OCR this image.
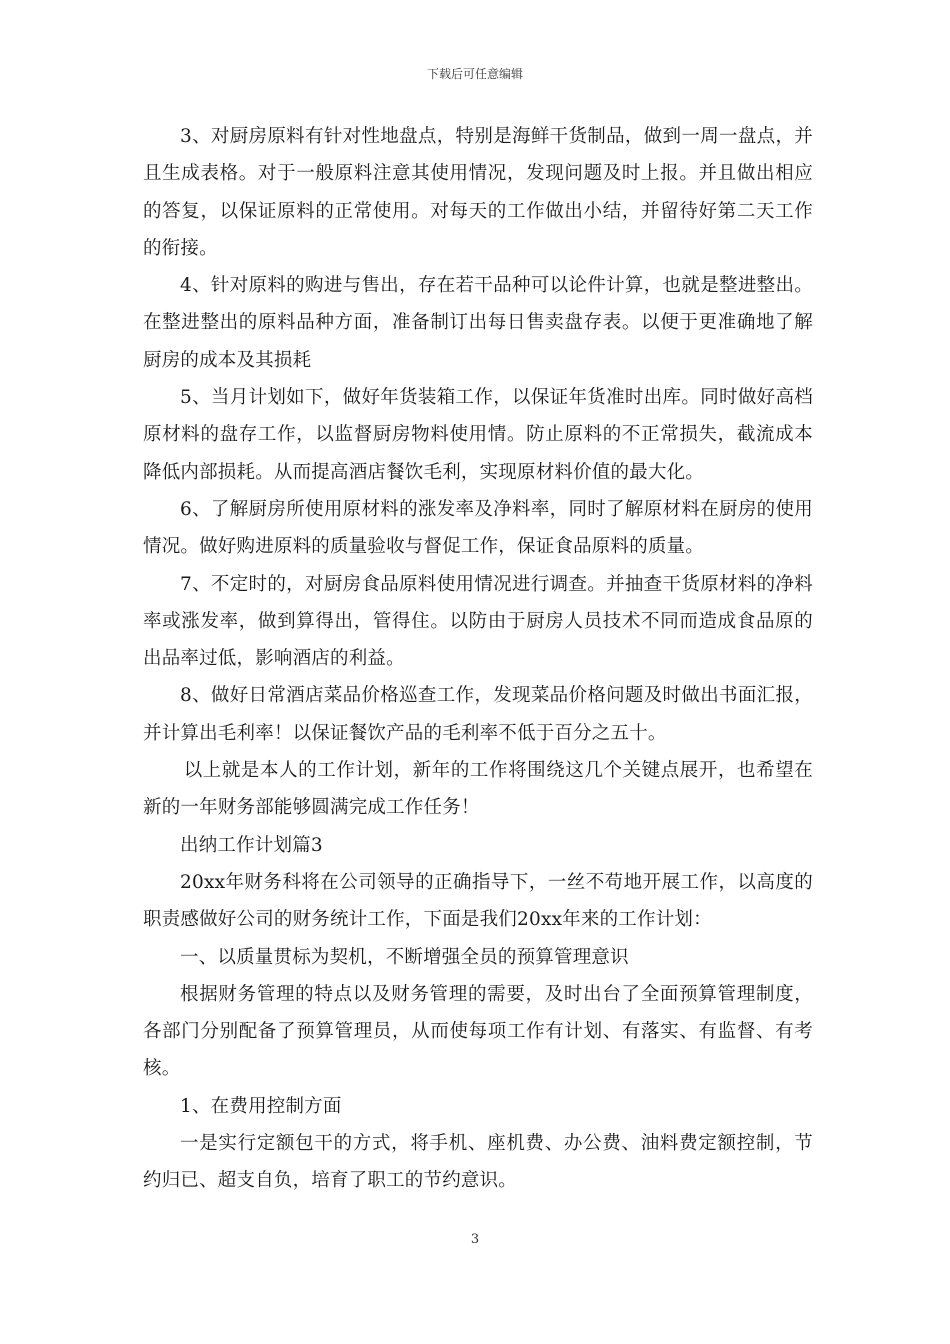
下载后可任意编辑

3、对厨房原料有针对性地盘点，特别是海鲜干货制品，做到一周一盘点，并且生成表格。对于一般原料注意其使用情况，发现问题及时上报。并且做出相应的答复，以保证原料的正常使用。对每天的工作做出小结，并留待好第二天工作的衔接。

4、针对原料的购进与售出，存在若干品种可以论件计算，也就是整进整出。在整进整出的原料品种方面，准备制订出每日售卖盘存表。以便于更准确地了解厨房的成本及其损耗

5、当月计划如下，做好年货装箱工作，以保证年货准时出库。同时做好高档原材料的盘存工作，以监督厨房物料使用情。防止原料的不正常损失，截流成本降低内部损耗。从而提高酒店餐饮毛利，实现原材料价值的最大化。

6、了解厨房所使用原材料的涨发率及净料率，同时了解原材料在厨房的使用情况。做好购进原料的质量验收与督促工作，保证食品原料的质量。

7、不定时的，对厨房食品原料使用情况进行调查。并抽查干货原材料的净料率或涨发率，做到算得出，管得住。以防由于厨房人员技术不同而造成食品原的出品率过低，影响酒店的利益。

8、做好日常酒店菜品价格巡查工作，发现菜品价格问题及时做出书面汇报，并计算出毛利率！以保证餐饮产品的毛利率不低于百分之五十。

以上就是本人的工作计划，新年的工作将围绕这几个关键点展开，也希望在新的一年财务部能够圆满完成工作任务！

出纳工作计划篇3

20xx年财务科将在公司领导的正确指导下，一丝不苟地开展工作，以高度的职责感做好公司的财务统计工作，下面是我们20xx年来的工作计划：

一、以质量贯标为契机，不断增强全员的预算管理意识

根据财务管理的特点以及财务管理的需要，及时出台了全面预算管理制度，各部门分别配备了预算管理员，从而使每项工作有计划、有落实、有监督、有考核。

1、在费用控制方面

一是实行定额包干的方式，将手机、座机费、办公费、油料费定额控制，节约归已、超支自负，培育了职工的节约意识。

3
